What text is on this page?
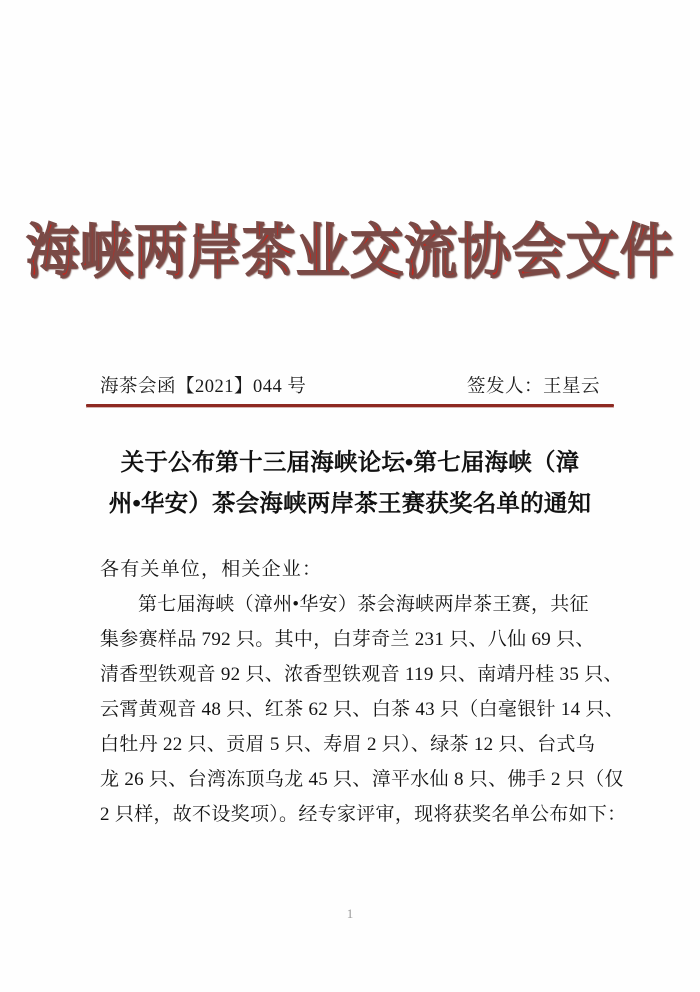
海峡两岸茶业交流协会文件
海茶会函【2021】044 号	签发人：王星云
关于公布第十三届海峡论坛•第七届海峡（漳
州•华安）茶会海峡两岸茶王赛获奖名单的通知
各有关单位，相关企业：
第七届海峡（漳州•华安）茶会海峡两岸茶王赛，共征
集参赛样品 792 只。其中，白芽奇兰 231 只、八仙 69 只、
清香型铁观音 92 只、浓香型铁观音 119 只、南靖丹桂 35 只、
云霄黄观音 48 只、红茶 62 只、白茶 43 只（白毫银针 14 只、
白牡丹 22 只、贡眉 5 只、寿眉 2 只）、绿茶 12 只、台式乌
龙 26 只、台湾冻顶乌龙 45 只、漳平水仙 8 只、佛手 2 只（仅
2 只样，故不设奖项）。经专家评审，现将获奖名单公布如下：
1
